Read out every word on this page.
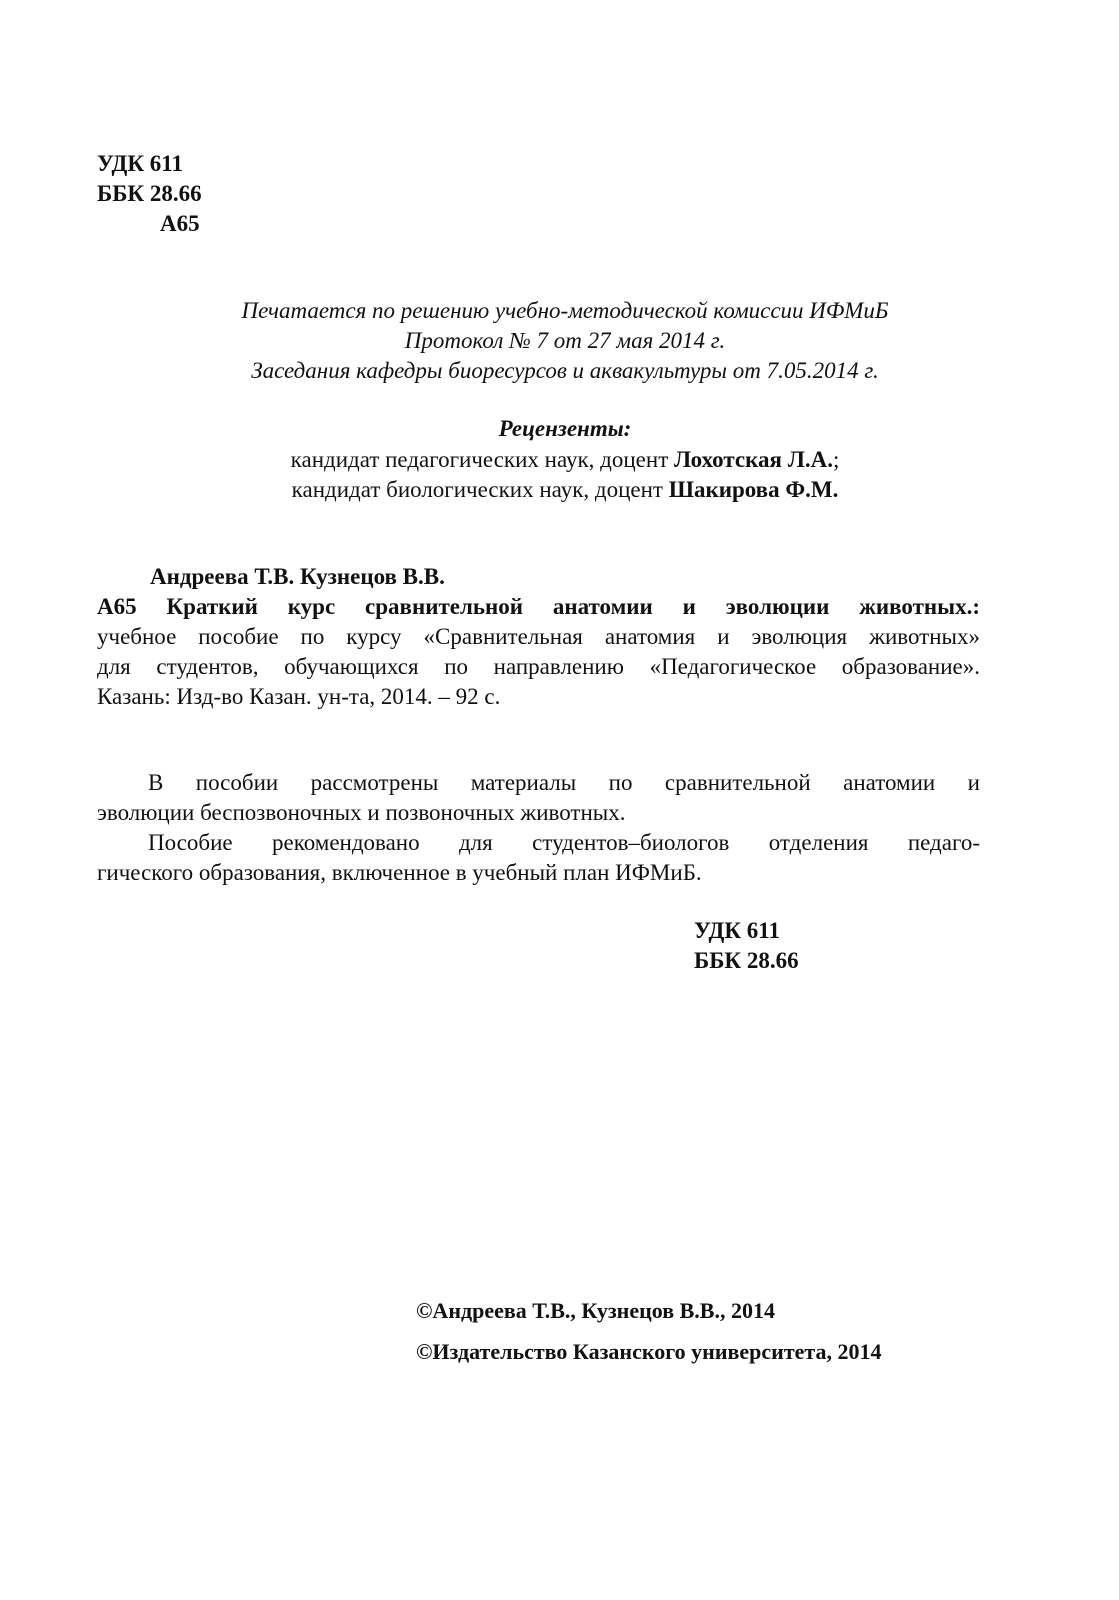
УДК 611
ББК 28.66
А65
Печатается по решению учебно-методической комиссии ИФМиБ
Протокол № 7 от 27 мая 2014 г.
Заседания кафедры биоресурсов и аквакультуры от 7.05.2014 г.
Рецензенты:
кандидат педагогических наук, доцент Лохотская Л.А.;
кандидат биологических наук, доцент Шакирова Ф.М.
Андреева Т.В. Кузнецов В.В.
А65 Краткий курс сравнительной анатомии и эволюции животных.:
учебное пособие по курсу «Сравнительная анатомия и эволюция животных»
для студентов, обучающихся по направлению «Педагогическое образование».
Казань: Изд-во Казан. ун-та, 2014. – 92 с.
В пособии рассмотрены материалы по сравнительной анатомии и
эволюции беспозвоночных и позвоночных животных.
Пособие рекомендовано для студентов–биологов отделения педаго-
гического образования, включенное в учебный план ИФМиБ.
УДК 611
ББК 28.66
©Андреева Т.В., Кузнецов В.В., 2014
©Издательство Казанского университета, 2014
